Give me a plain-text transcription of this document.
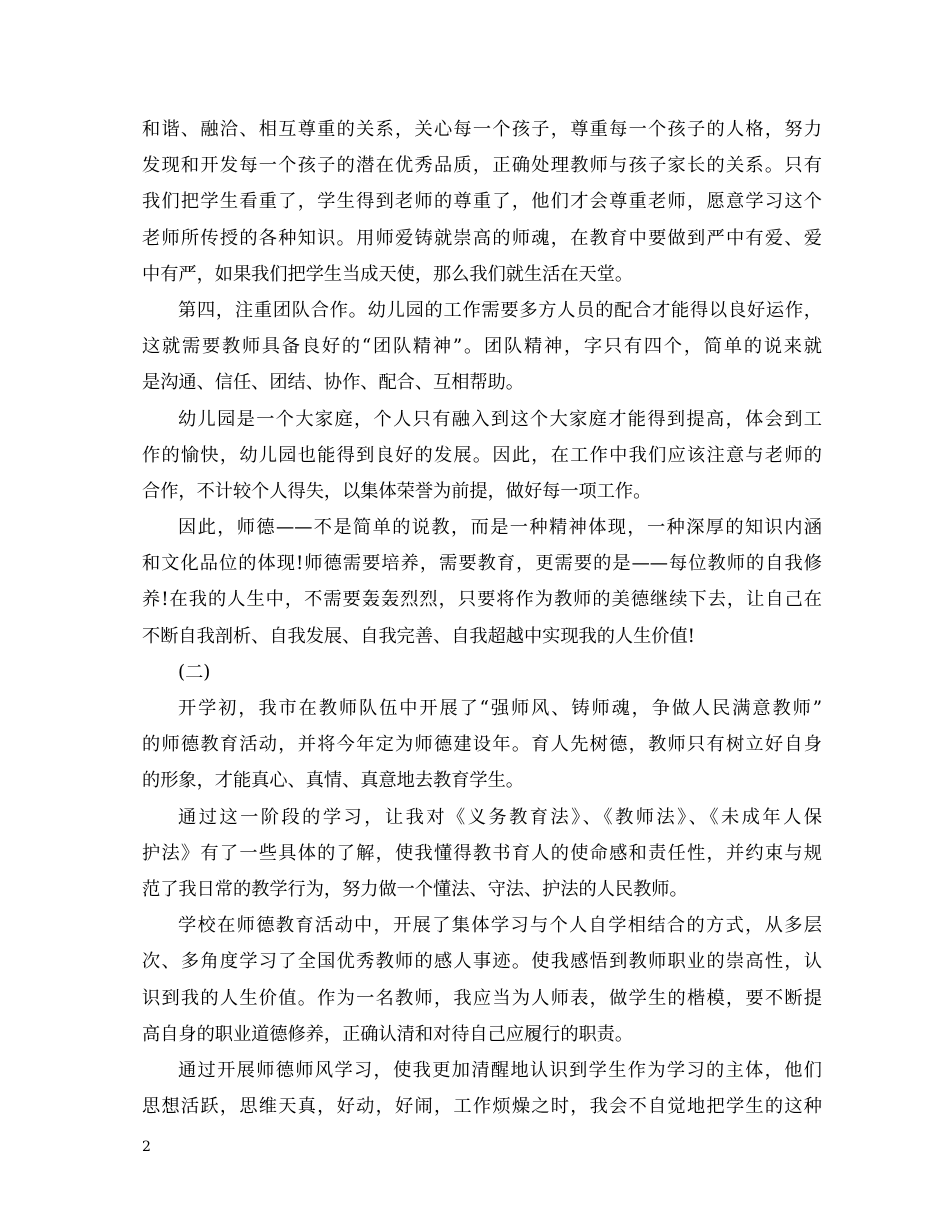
和谐、融洽、相互尊重的关系，关心每一个孩子，尊重每一个孩子的人格，努力
发现和开发每一个孩子的潜在优秀品质，正确处理教师与孩子家长的关系。只有
我们把学生看重了，学生得到老师的尊重了，他们才会尊重老师，愿意学习这个
老师所传授的各种知识。用师爱铸就崇高的师魂，在教育中要做到严中有爱、爱
中有严，如果我们把学生当成天使，那么我们就生活在天堂。
第四，注重团队合作。幼儿园的工作需要多方人员的配合才能得以良好运作，
这就需要教师具备良好的“团队精神”。团队精神，字只有四个，简单的说来就
是沟通、信任、团结、协作、配合、互相帮助。
幼儿园是一个大家庭，个人只有融入到这个大家庭才能得到提高，体会到工
作的愉快，幼儿园也能得到良好的发展。因此，在工作中我们应该注意与老师的
合作，不计较个人得失，以集体荣誉为前提，做好每一项工作。
因此，师德——不是简单的说教，而是一种精神体现，一种深厚的知识内涵
和文化品位的体现!师德需要培养，需要教育，更需要的是——每位教师的自我修
养!在我的人生中，不需要轰轰烈烈，只要将作为教师的美德继续下去，让自己在
不断自我剖析、自我发展、自我完善、自我超越中实现我的人生价值!
(二)
开学初，我市在教师队伍中开展了“强师风、铸师魂，争做人民满意教师”
的师德教育活动，并将今年定为师德建设年。育人先树德，教师只有树立好自身
的形象，才能真心、真情、真意地去教育学生。
通过这一阶段的学习，让我对《义务教育法》、《教师法》、《未成年人保
护法》有了一些具体的了解，使我懂得教书育人的使命感和责任性，并约束与规
范了我日常的教学行为，努力做一个懂法、守法、护法的人民教师。
学校在师德教育活动中，开展了集体学习与个人自学相结合的方式，从多层
次、多角度学习了全国优秀教师的感人事迹。使我感悟到教师职业的崇高性，认
识到我的人生价值。作为一名教师，我应当为人师表，做学生的楷模，要不断提
高自身的职业道德修养，正确认清和对待自己应履行的职责。
通过开展师德师风学习，使我更加清醒地认识到学生作为学习的主体，他们
思想活跃，思维天真，好动，好闹，工作烦燥之时，我会不自觉地把学生的这种
2
